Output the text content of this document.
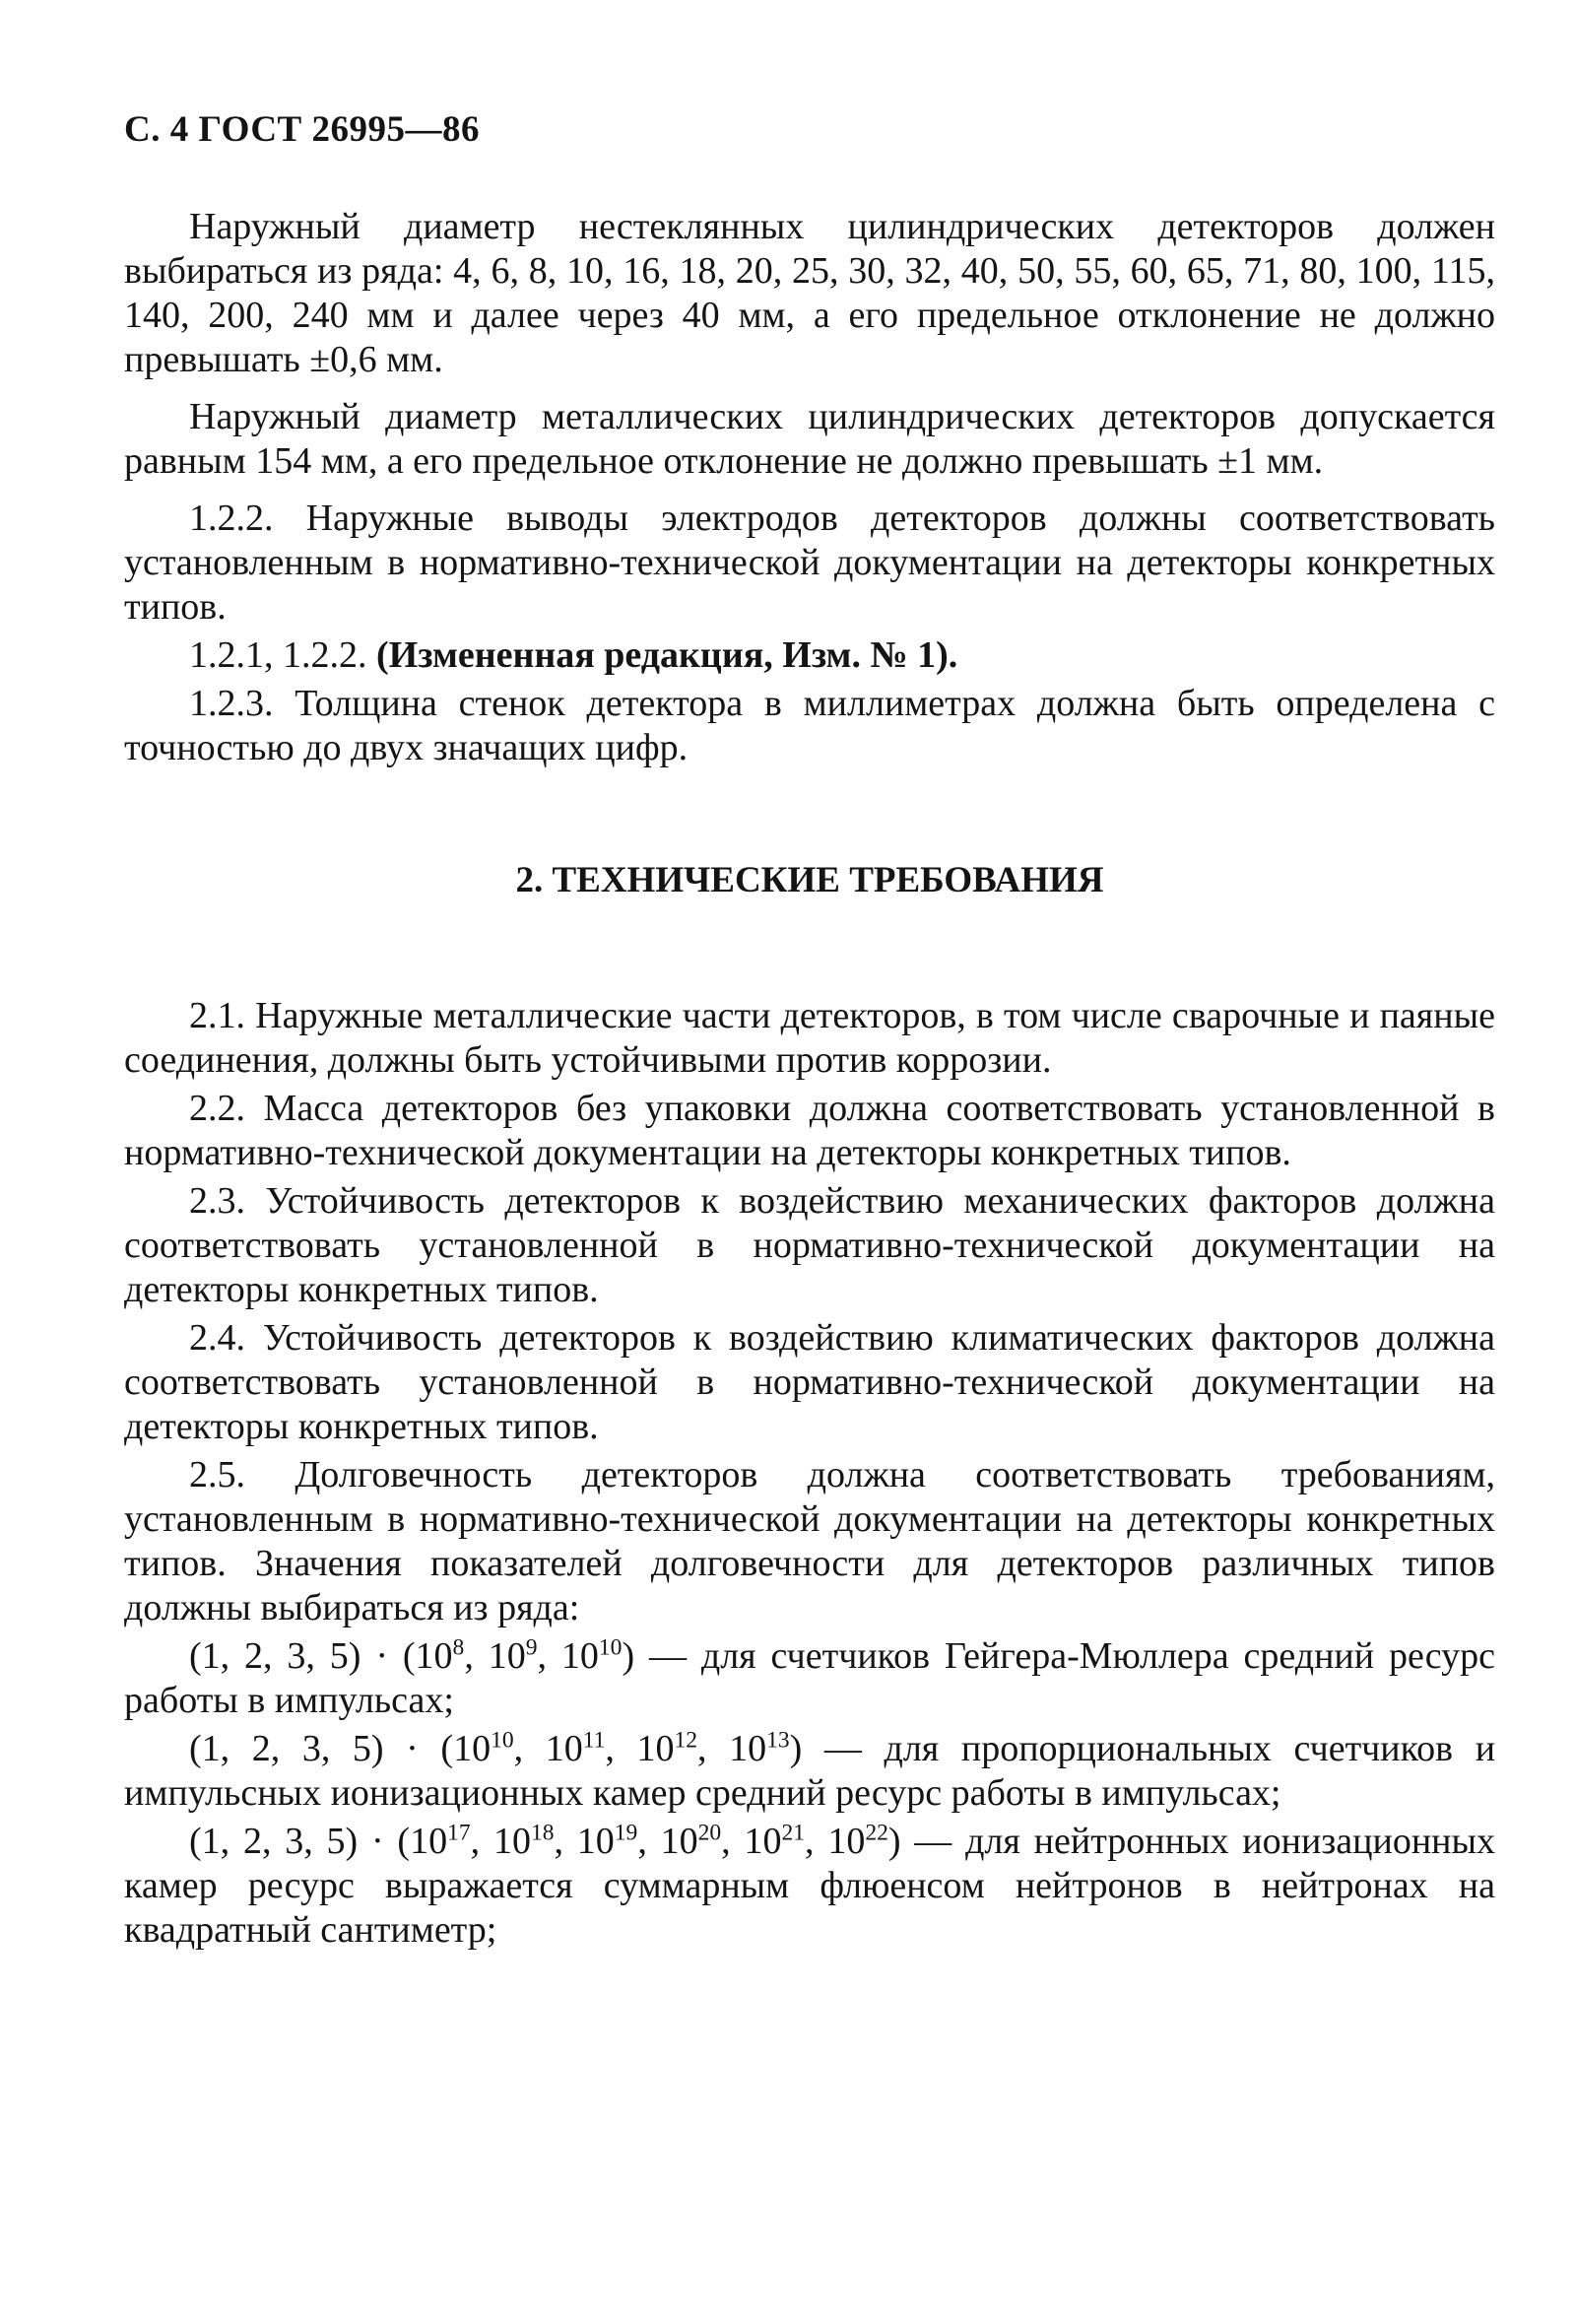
С. 4 ГОСТ 26995—86

Наружный диаметр нестеклянных цилиндрических детекторов должен выбираться из ряда: 4, 6, 8, 10, 16, 18, 20, 25, 30, 32, 40, 50, 55, 60, 65, 71, 80, 100, 115, 140, 200, 240 мм и далее через 40 мм, а его предельное отклонение не должно превышать ±0,6 мм.

Наружный диаметр металлических цилиндрических детекторов допускается равным 154 мм, а его предельное отклонение не должно превышать ±1 мм.

1.2.2. Наружные выводы электродов детекторов должны соответствовать установленным в нормативно-технической документации на детекторы конкретных типов.

1.2.1, 1.2.2. (Измененная редакция, Изм. № 1).

1.2.3. Толщина стенок детектора в миллиметрах должна быть определена с точностью до двух значащих цифр.

2. ТЕХНИЧЕСКИЕ ТРЕБОВАНИЯ

2.1. Наружные металлические части детекторов, в том числе сварочные и паяные соединения, должны быть устойчивыми против коррозии.

2.2. Масса детекторов без упаковки должна соответствовать установленной в нормативно-технической документации на детекторы конкретных типов.

2.3. Устойчивость детекторов к воздействию механических факторов должна соответствовать установленной в нормативно-технической документации на детекторы конкретных типов.

2.4. Устойчивость детекторов к воздействию климатических факторов должна соответствовать установленной в нормативно-технической документации на детекторы конкретных типов.

2.5. Долговечность детекторов должна соответствовать требованиям, установленным в нормативно-технической документации на детекторы конкретных типов. Значения показателей долговечности для детекторов различных типов должны выбираться из ряда:

(1, 2, 3, $5) \cdot (10^8$, $10^9$, $10^{10}$) — для счетчиков Гейгера-Мюллера средний ресурс работы в импульсах;

(1, 2, 3, $5) \cdot (10^{10}$, $10^{11}$, $10^{12}$, $10^{13}$) — для пропорциональных счетчиков и импульсных ионизационных камер средний ресурс работы в импульсах;

(1, 2, 3, $5) \cdot (10^{17}$, $10^{18}$, $10^{19}$, $10^{20}$, $10^{21}$, $10^{22}$) — для нейтронных ионизационных камер ресурс выражается суммарным флюенсом нейтронов в нейтронах на квадратный сантиметр;
